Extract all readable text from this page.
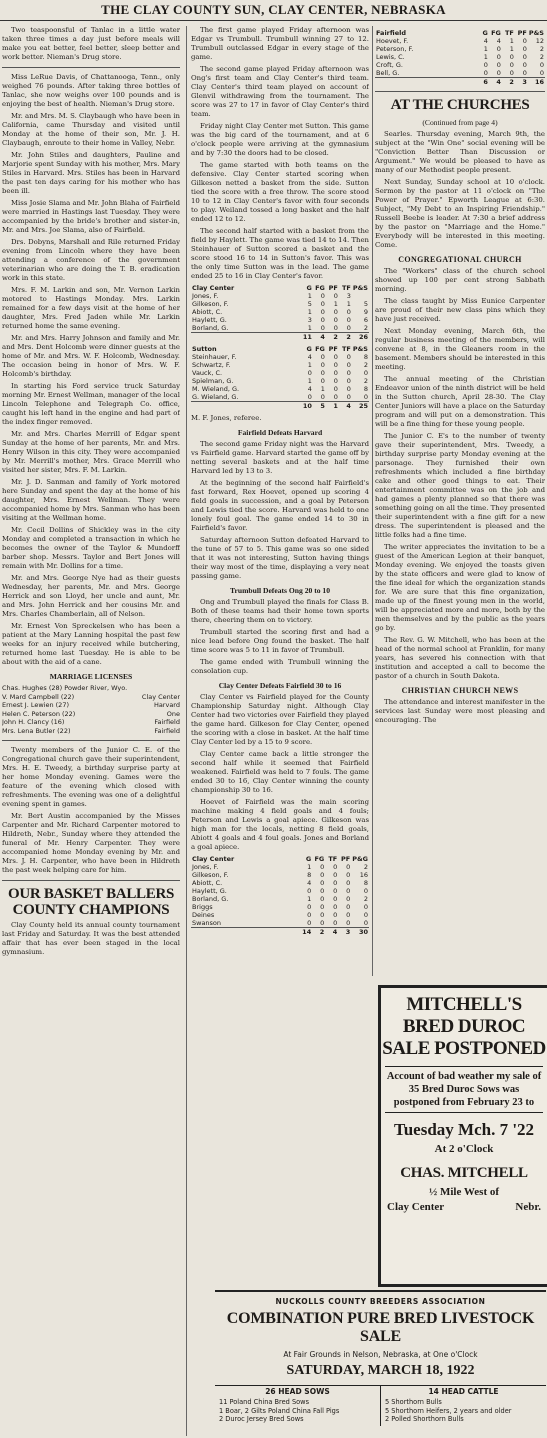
THE CLAY COUNTY SUN, CLAY CENTER, NEBRASKA

Two teaspoonsful of Tanlac in a little water taken three times a day just before meals will make you eat better, feel better, sleep better and work better. Nieman's Drug store.

Miss LeRue Davis, of Chattanooga, Tenn., only weighed 76 pounds. After taking three bottles of Tanlac, she now weighs over 100 pounds and is enjoying the best of health. Nieman's Drug store.

Mr. and Mrs. M. S. Claybaugh who have been in California, came Thursday and visited until Monday at the home of their son, Mr. J. H. Claybaugh, enroute to their home in Valley, Nebr.

Mr. John Stiles and daughters, Pauline and Marjorie spent Sunday with his mother, Mrs. Mary Stiles in Harvard. Mrs. Stiles has been in Harvard the past ten days caring for his mother who has been ill.

Miss Josie Slama and Mr. John Blaha of Fairfield were married in Hastings last Tuesday. They were accompanied by the bride's brother and sister-in, Mr. and Mrs. Joe Slama, also of Fairfield.

Drs. Dobyns, Marshall and Rile returned Friday evening from Lincoln where they have been attending a conference of the government veterinarian who are doing the T. B. eradication work in this state.

Mrs. F. M. Larkin and son, Mr. Vernon Larkin motored to Hastings Monday. Mrs. Larkin remained for a few days visit at the home of her daughter, Mrs. Fred Jaden while Mr. Larkin returned home the same evening.

Mr. and Mrs. Harry Johnson and family and Mr. and Mrs. Dent Holcomb were dinner guests at the home of Mr. and Mrs. W. F. Holcomb, Wednesday. The occasion being in honor of Mrs. W. F. Holcomb's birthday.

In starting his Ford service truck Saturday morning Mr. Ernest Wellman, manager of the local Lincoln Telephone and Telegraph Co. office, caught his left hand in the engine and had part of the index finger removed.

Mr. and Mrs. Charles Merrill of Edgar spent Sunday at the home of her parents, Mr. and Mrs. Henry Wilson in this city. They were accompanied by Mr. Merrill's mother, Mrs. Grace Merrill who visited her sister, Mrs. F. M. Larkin.

Mr. J. D. Sanman and family of York motored here Sunday and spent the day at the home of his daughter, Mrs. Ernest Wellman. They were accompanied home by Mrs. Sanman who has been visiting at the Wellman home.

Mr. Cecil Dollins of Shickley was in the city Monday and completed a transaction in which he becomes the owner of the Taylor & Mundorff barber shop. Messrs. Taylor and Bert Jones will remain with Mr. Dollins for a time.

Mr. and Mrs. George Nye had as their guests Wednesday, her parents, Mr. and Mrs. George Herrick and son Lloyd, her uncle and aunt, Mr. and Mrs. John Herrick and her cousins Mr. and Mrs. Charles Chamberlain, all of Nelson.

Mr. Ernest Von Spreckelsen who has been a patient at the Mary Lanning hospital the past few weeks for an injury received while butchering, returned home last Tuesday. He is able to be about with the aid of a cane.

MARRIAGE LICENSES
Chas. Hughes (28) Powder River, Wyo.
V. Mard Campbell (22)	Clay Center
Ernest J. Lewien (27)	Harvard
Helen C. Peterson (22)	One
John H. Clancy (16)	Fairfield
Mrs. Lena Butler (22)	Fairfield

Twenty members of the Junior C. E. of the Congregational church gave their superintendent, Mrs. H. E. Tweedy, a birthday surprise party at her home Monday evening. Games were the feature of the evening which closed with refreshments. The evening was one of a delightful evening spent in games.

Mr. Bert Austin accompanied by the Misses Carpenter and Mr. Richard Carpenter motored to Hildreth, Nebr., Sunday where they attended the funeral of Mr. Henry Carpenter. They were accompanied home Monday evening by Mr. and Mrs. J. H. Carpenter, who have been in Hildreth the past week helping care for him.

OUR BASKET BALLERS COUNTY CHAMPIONS

Clay County held its annual county tournament last Friday and Saturday. It was the best attended affair that has ever been staged in the local gymnasium.

The first game played Friday afternoon was Edgar vs Trumbull. Trumbull winning 27 to 12. Trumbull outclassed Edgar in every stage of the game.

The second game played Friday afternoon was Ong's first team and Clay Center's third team. Clay Center's third team played on account of Glenvil withdrawing from the tournament. The score was 27 to 17 in favor of Clay Center's third team.

Friday night Clay Center met Sutton. This game was the big card of the tournament, and at 6 o'clock people were arriving at the gymnasium and by 7:30 the doors had to be closed.

The game started with both teams on the defensive. Clay Center started scoring when Gilkeson netted a basket from the side. Sutton tied the score with a free throw. The score stood 10 to 12 in Clay Center's favor with four seconds to play. Weiland tossed a long basket and the half ended 12 to 12.

The second half started with a basket from the field by Haylett. The game was tied 14 to 14. Then Steinhauer of Sutton scored a basket and the score stood 16 to 14 in Sutton's favor. This was the only time Sutton was in the lead. The game ended 25 to 16 in Clay Center's favor.

Clay Center	G	FG	PF	TF	P&S
Jones, F.	1	0	0	3	
Gilkeson, F.	5	0	1	1	5
Abiott, C.	1	0	0	0	9
Haylett, G.	3	0	0	0	6
Borland, G.	1	0	0	0	2
	11	4	2	2	26
Sutton	G	FG	PF	TF	P&S
Steinhauer, F.	4	0	0	0	8
Schwartz, F.	1	0	0	0	2
Vauck, C.	0	0	0	0	0
Spielman, G.	1	0	0	0	2
M. Wieland, G.	4	1	0	0	8
G. Wieland, G.	0	0	0	0	0
	10	5	1	4	25

M. F. Jones, referee.

Fairfield Defeats Harvard

The second game Friday night was the Harvard vs Fairfield game. Harvard started the game off by netting several baskets and at the half time Harvard led by 13 to 3.

At the beginning of the second half Fairfield's fast forward, Rex Hoevet, opened up scoring 4 field goals in succession, and a goal by Peterson and Lewis tied the score. Harvard was held to one lonely foul goal. The game ended 14 to 30 in Fairfield's favor.

Saturday afternoon Sutton defeated Harvard to the tune of 57 to 5. This game was so one sided that it was not interesting, Sutton having things their way most of the time, displaying a very neat passing game.

Trumbull Defeats Ong 20 to 10

Ong and Trumbull played the finals for Class B. Both of these teams had their home town sports there, cheering them on to victory.

Trumbull started the scoring first and had a nice lead before Ong found the basket. The half time score was 5 to 11 in favor of Trumbull.

The game ended with Trumbull winning the consolation cup.

Clay Center Defeats Fairfield 30 to 16

Clay Center vs Fairfield played for the County Championship Saturday night. Although Clay Center had two victories over Fairfield they played the game hard. Gilkeson for Clay Center, opened the scoring with a close in basket. At the half time Clay Center led by a 15 to 9 score.

Clay Center came back a little stronger the second half while it seemed that Fairfield weakened. Fairfield was held to 7 fouls. The game ended 30 to 16, Clay Center winning the county championship 30 to 16.

Hoevet of Fairfield was the main scoring machine making 4 field goals and 4 fouls; Peterson and Lewis a goal apiece. Gilkeson was high man for the locals, netting 8 field goals, Abiott 4 goals and 4 foul goals. Jones and Borland a goal apiece.

Clay Center	G	FG	TF	PF	P&G
Jones, F.	1	0	0	0	2
Gilkeson, F.	8	0	0	0	16
Abiott, C.	4	0	0	0	8
Haylett, G.	0	0	0	0	0
Borland, G.	1	0	0	0	2
Briggs	0	0	0	0	0
Deines	0	0	0	0	0
Swanson	0	0	0	0	0
	14	2	4	3	30
Fairfield	G	FG	TF	PF	P&S
Hoevet, F.	4	4	1	0	12
Peterson, F.	1	0	1	0	2
Lewis, C.	1	0	0	0	2
Croft, G.	0	0	0	0	0
Bell, G.	0	0	0	0	0
	6	4	2	3	16
AT THE CHURCHES
(Continued from page 4)

Searles. Thursday evening, March 9th, the subject at the "Win One" social evening will be "Conviction Better Than Discussion or Argument." We would be pleased to have as many of our Methodist people present.

Next Sunday, Sunday school at 10 o'clock. Sermon by the pastor at 11 o'clock on "The Power of Prayer." Epworth League at 6:30. Subject, "My Debt to an Inspiring Friendship." Russell Beebe is leader. At 7:30 a brief address by the pastor on "Marriage and the Home." Everybody will be interested in this meeting. Come.

CONGREGATIONAL CHURCH

The "Workers" class of the church school showed up 100 per cent strong Sabbath morning.

The class taught by Miss Eunice Carpenter are proud of their new class pins which they have just received.

Next Monday evening, March 6th, the regular business meeting of the members, will convene at 8, in the Gleaners room in the basement. Members should be interested in this meeting.

The annual meeting of the Christian Endeavor union of the ninth district will be held in the Sutton church, April 28-30. The Clay Center Juniors will have a place on the Saturday program and will put on a demonstration. This will be a fine thing for these young people.

The Junior C. E's to the number of twenty gave their superintendent, Mrs. Tweedy, a birthday surprise party Monday evening at the parsonage. They furnished their own refreshments which included a fine birthday cake and other good things to eat. Their entertainment committee was on the job and had games a plenty planned so that there was something going on all the time. They presented their superintendent with a fine gift for a new dress. The superintendent is pleased and the little folks had a fine time.

The writer appreciates the invitation to be a guest of the American Legion at their banquet, Monday evening. We enjoyed the toasts given by the state officers and were glad to know of the fine ideal for which the organization stands for. We are sure that this fine organization, made up of the finest young men in the world, will be appreciated more and more, both by the men themselves and by the public as the years go by.

The Rev. G. W. Mitchell, who has been at the head of the normal school at Franklin, for many years, has severed his connection with that institution and accepted a call to become the pastor of a church in South Dakota.

CHRISTIAN CHURCH NEWS

The attendance and interest manifester in the services last Sunday were most pleasing and encouraging. The

MITCHELL'S BRED DUROC SALE POSTPONED
Account of bad weather my sale of 35 Bred Duroc Sows was postponed from February 23 to
Tuesday Mch. 7 '22
At 2 o'Clock
CHAS. MITCHELL
½ Mile West of
Clay Center	Nebr.
NUCKOLLS COUNTY BREEDERS ASSOCIATION
COMBINATION PURE BRED LIVESTOCK SALE
At Fair Grounds in Nelson, Nebraska, at One o'Clock
SATURDAY, MARCH 18, 1922
26 HEAD SOWS
11 Poland China Bred Sows
1 Boar, 2 Gilts Poland China Fall Pigs
2 Duroc Jersey Bred Sows
14 HEAD CATTLE
5 Shorthorn Bulls
5 Shorthorn Heifers, 2 years and older
2 Polled Shorthorn Bulls
